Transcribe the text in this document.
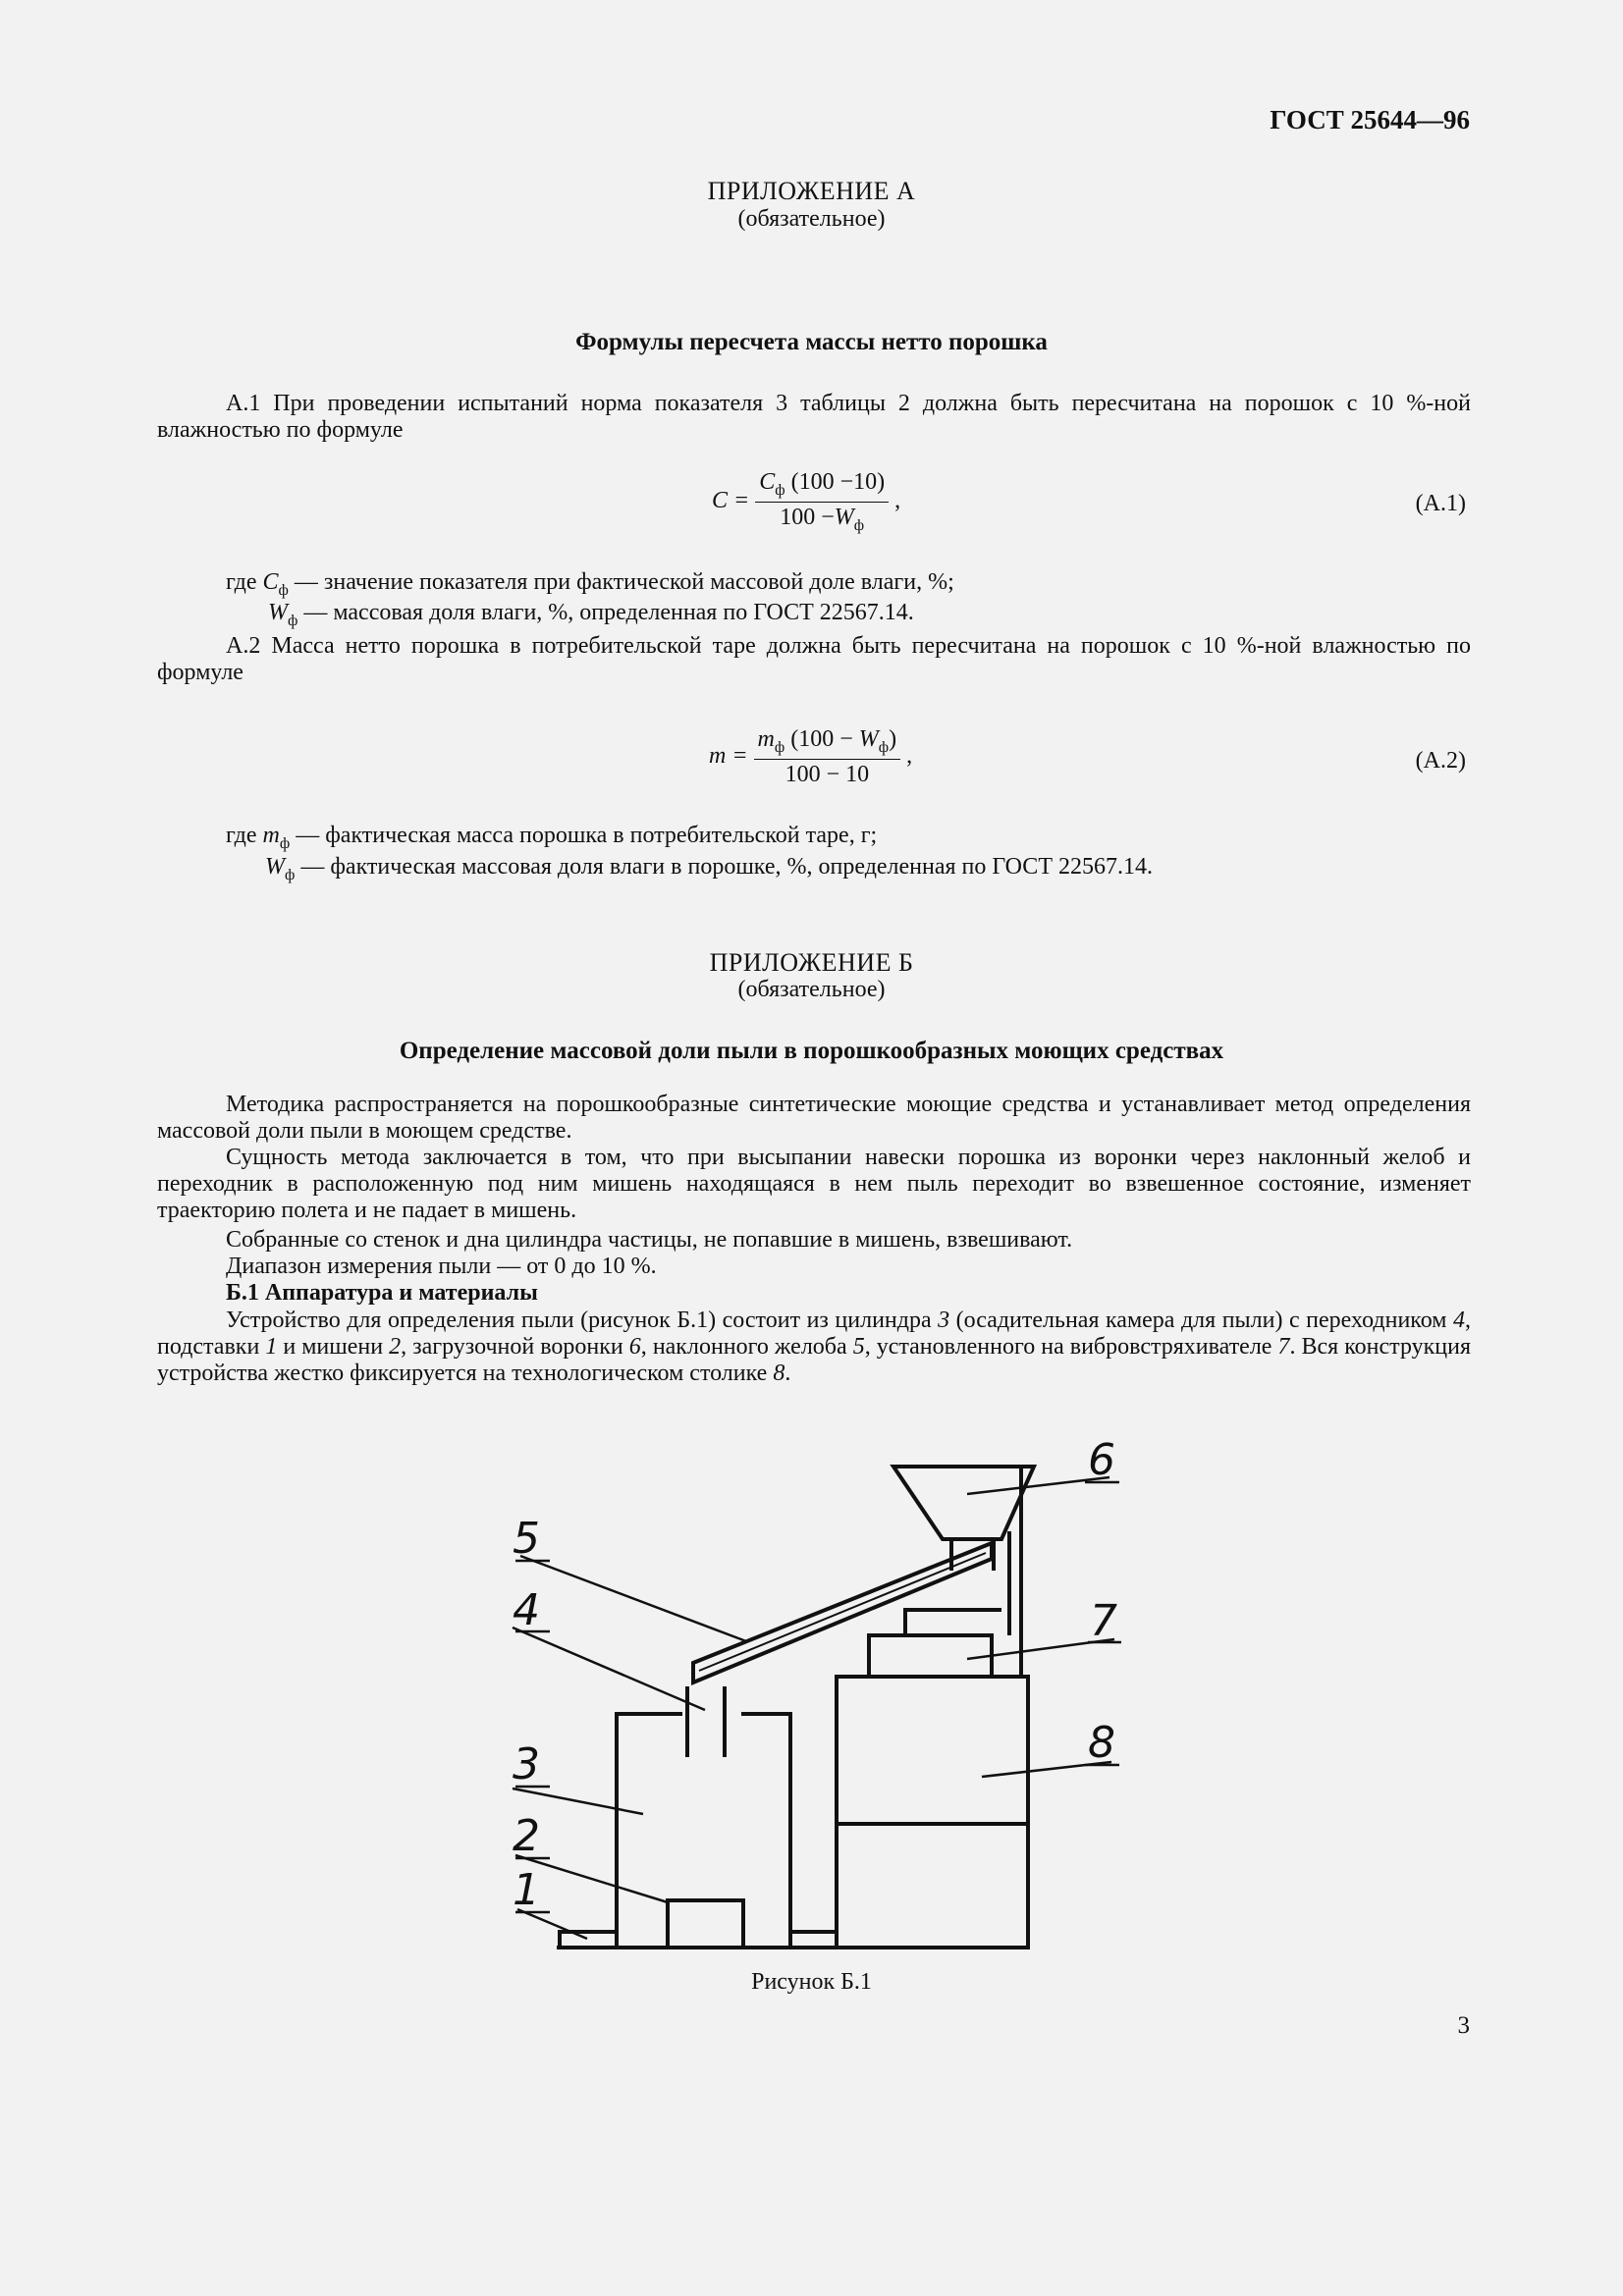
ГОСТ 25644—96
ПРИЛОЖЕНИЕ А
(обязательное)
Формулы пересчета массы нетто порошка
А.1 При проведении испытаний норма показателя 3 таблицы 2 должна быть пересчитана на порошок с 10 %-ной влажностью по формуле
$C = \frac{C_ф (100 -10)}{100 -W_ф}$ ,	(А.1)
где $C_ф$ — значение показателя при фактической массовой доле влаги, %;
$W_ф$ — массовая доля влаги, %, определенная по ГОСТ 22567.14.
А.2 Масса нетто порошка в потребительской таре должна быть пересчитана на порошок с 10 %-ной влажностью по формуле
$m = \frac{m_ф (100 - W_ф)}{100 - 10}$ ,	(А.2)
где $m_ф$ — фактическая масса порошка в потребительской таре, г;
$W_ф$ — фактическая массовая доля влаги в порошке, %, определенная по ГОСТ 22567.14.
ПРИЛОЖЕНИЕ Б
(обязательное)
Определение массовой доли пыли в порошкообразных моющих средствах
Методика распространяется на порошкообразные синтетические моющие средства и устанавливает метод определения массовой доли пыли в моющем средстве.
Сущность метода заключается в том, что при высыпании навески порошка из воронки через наклонный желоб и переходник в расположенную под ним мишень находящаяся в нем пыль переходит во взвешенное состояние, изменяет траекторию полета и не падает в мишень.
Собранные со стенок и дна цилиндра частицы, не попавшие в мишень, взвешивают.
Диапазон измерения пыли — от 0 до 10 %.
Б.1 Аппаратура и материалы
Устройство для определения пыли (рисунок Б.1) состоит из цилиндра 3 (осадительная камера для пыли) с переходником 4, подставки 1 и мишени 2, загрузочной воронки 6, наклонного желоба 5, установленного на вибровстряхивателе 7. Вся конструкция устройства жестко фиксируется на технологическом столике 8.
5
4
3
2
1
6
7
8
Рисунок Б.1
3
